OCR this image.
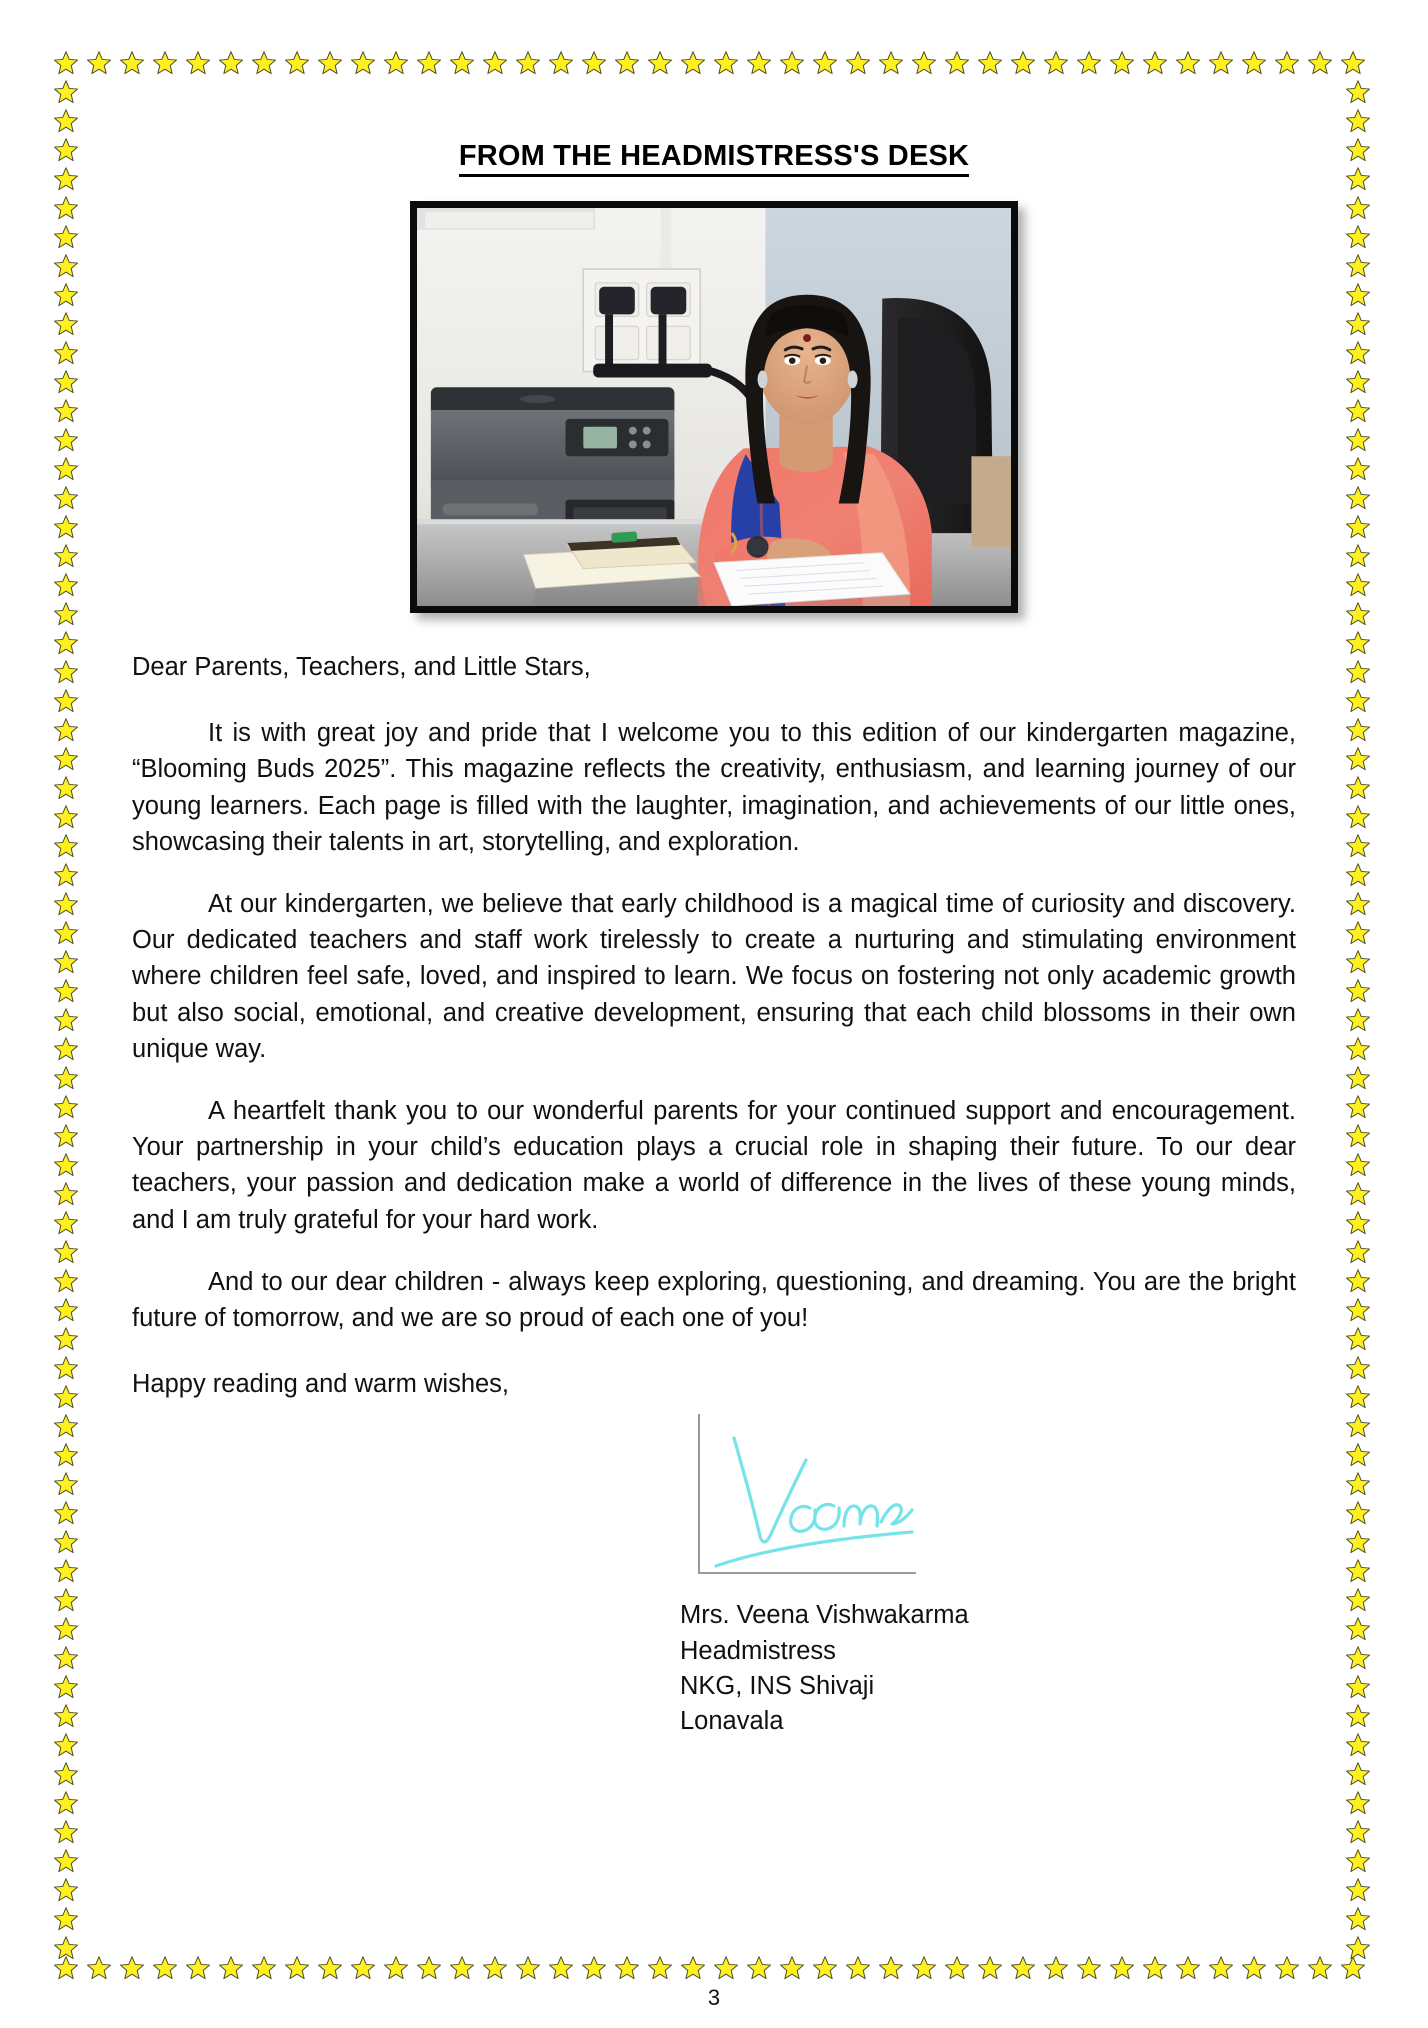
FROM THE HEADMISTRESS'S DESK

Dear Parents, Teachers, and Little Stars,

It is with great joy and pride that I welcome you to this edition of our kindergarten magazine, “Blooming Buds 2025”. This magazine reflects the creativity, enthusiasm, and learning journey of our young learners. Each page is filled with the laughter, imagination, and achievements of our little ones, showcasing their talents in art, storytelling, and exploration.

At our kindergarten, we believe that early childhood is a magical time of curiosity and discovery. Our dedicated teachers and staff work tirelessly to create a nurturing and stimulating environment where children feel safe, loved, and inspired to learn. We focus on fostering not only academic growth but also social, emotional, and creative development, ensuring that each child blossoms in their own unique way.

A heartfelt thank you to our wonderful parents for your continued support and encouragement. Your partnership in your child’s education plays a crucial role in shaping their future. To our dear teachers, your passion and dedication make a world of difference in the lives of these young minds, and I am truly grateful for your hard work.

And to our dear children - always keep exploring, questioning, and dreaming. You are the bright future of tomorrow, and we are so proud of each one of you!

Happy reading and warm wishes,

Mrs. Veena Vishwakarma
Headmistress
NKG, INS Shivaji
Lonavala
3
